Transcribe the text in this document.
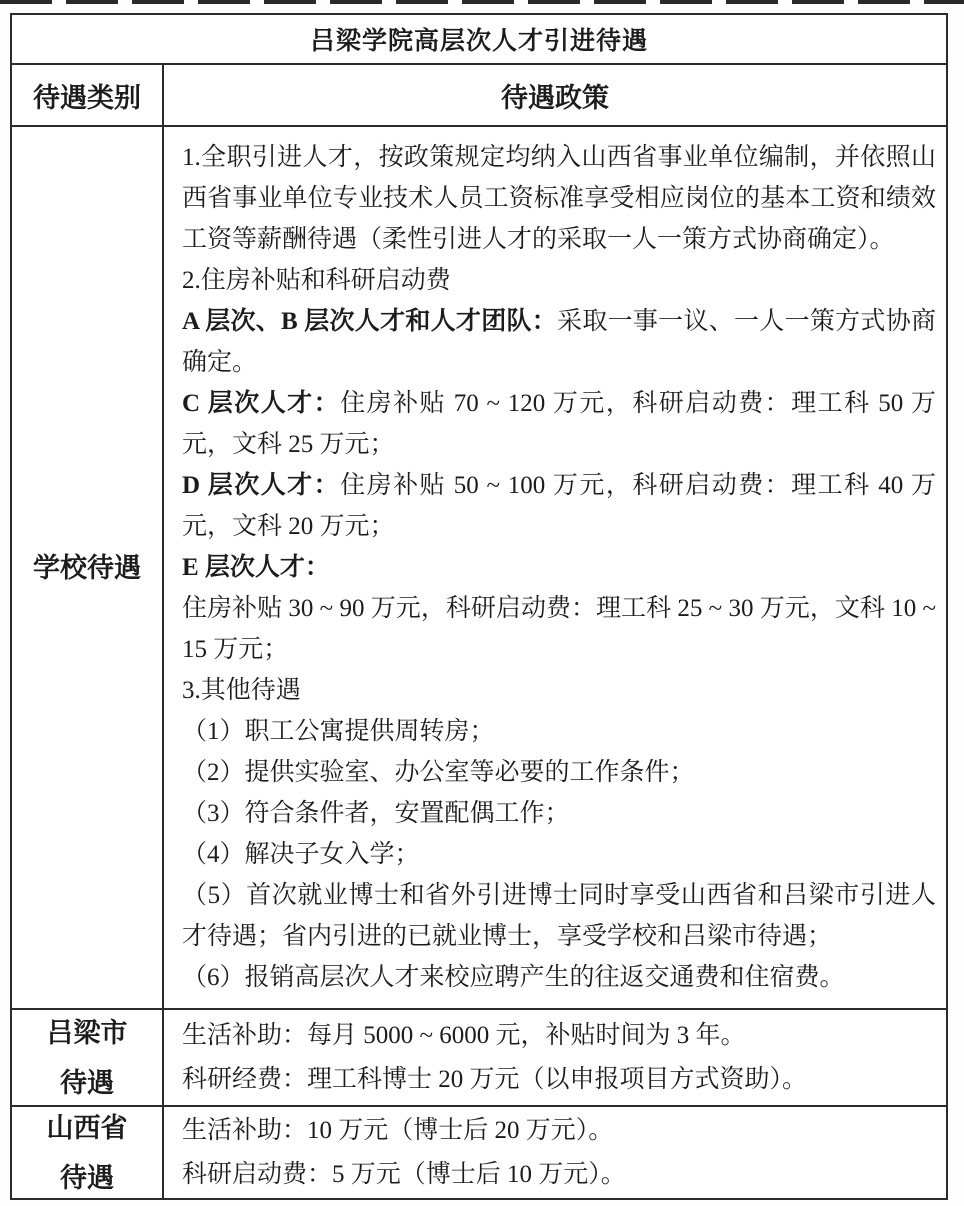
吕梁学院高层次人才引进待遇
待遇类别	待遇政策
学校待遇

1.全职引进人才，按政策规定均纳入山西省事业单位编制，并依照山西省事业单位专业技术人员工资标准享受相应岗位的基本工资和绩效工资等薪酬待遇（柔性引进人才的采取一人一策方式协商确定）。

2.住房补贴和科研启动费

A 层次、B 层次人才和人才团队：采取一事一议、一人一策方式协商确定。

C 层次人才：住房补贴 70 ~ 120 万元，科研启动费：理工科 50 万元，文科 25 万元；

D 层次人才：住房补贴 50 ~ 100 万元，科研启动费：理工科 40 万元，文科 20 万元；

E 层次人才：

住房补贴 30 ~ 90 万元，科研启动费：理工科 25 ~ 30 万元，文科 10 ~ 15 万元；

3.其他待遇

（1）职工公寓提供周转房；

（2）提供实验室、办公室等必要的工作条件；

（3）符合条件者，安置配偶工作；

（4）解决子女入学；

（5）首次就业博士和省外引进博士同时享受山西省和吕梁市引进人才待遇；省内引进的已就业博士，享受学校和吕梁市待遇；

（6）报销高层次人才来校应聘产生的往返交通费和住宿费。

吕梁市
待遇

生活补助：每月 5000 ~ 6000 元，补贴时间为 3 年。

科研经费：理工科博士 20 万元（以申报项目方式资助）。

山西省
待遇

生活补助：10 万元（博士后 20 万元）。

科研启动费：5 万元（博士后 10 万元）。
